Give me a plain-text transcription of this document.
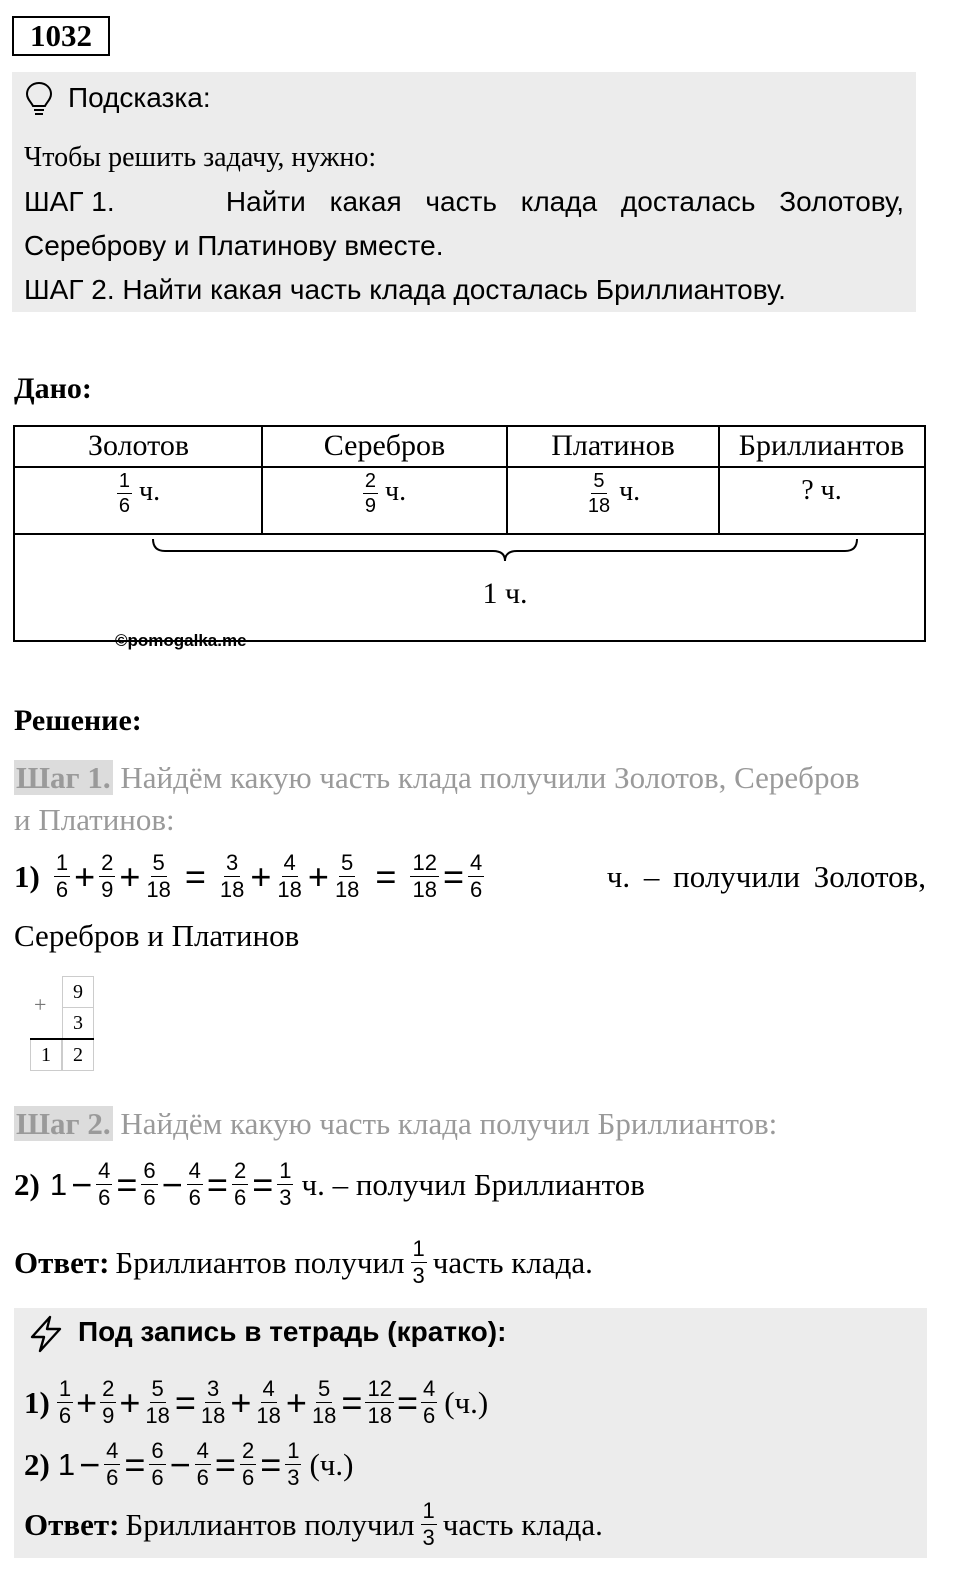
1032
Подсказка:
Чтобы решить задачу, нужно:
ШАГ 1.	Найти какая часть клада досталась Золотову,
Сереброву и Платинову вместе.
ШАГ 2. Найти какая часть клада досталась Бриллиантову.
Дано:
Золотов	Серебров	Платинов	Бриллиантов
$\frac{1}{6} ч$.	$\frac{2}{9} ч$.	$\frac{5}{18} ч$.	? ч.
1 ч.
©pomogalka.me
Решение:
Шаг 1. Найдём какую часть клада получили Золотов, Серебров
и Платинов:
$1) \frac{1}{6} + \frac{2}{9} + \frac{5}{18} = \frac{3}{18} + \frac{4}{18} + \frac{5}{18} = \frac{12}{18} = \frac{4}{6}$	ч. – получили Золотов,
Серебров и Платинов
9
3
1	2
+
Шаг 2. Найдём какую часть клада получил Бриллиантов:
2) $1 - \frac{4}{6} = \frac{6}{6} - \frac{4}{6} = \frac{2}{6} = \frac{1}{3} ч$. – получил Бриллиантов
Ответ: Бриллиантов получил $\frac{1}{3}$ часть клада.
Под запись в тетрадь (кратко):
$1) \frac{1}{6} + \frac{2}{9} + \frac{5}{18} = \frac{3}{18} + \frac{4}{18} + \frac{5}{18} = \frac{12}{18} = \frac{4}{6} (ч.)$
2) $1 - \frac{4}{6} = \frac{6}{6} - \frac{4}{6} = \frac{2}{6} = \frac{1}{3} (ч.)$
Ответ: Бриллиантов получил $\frac{1}{3}$ часть клада.
